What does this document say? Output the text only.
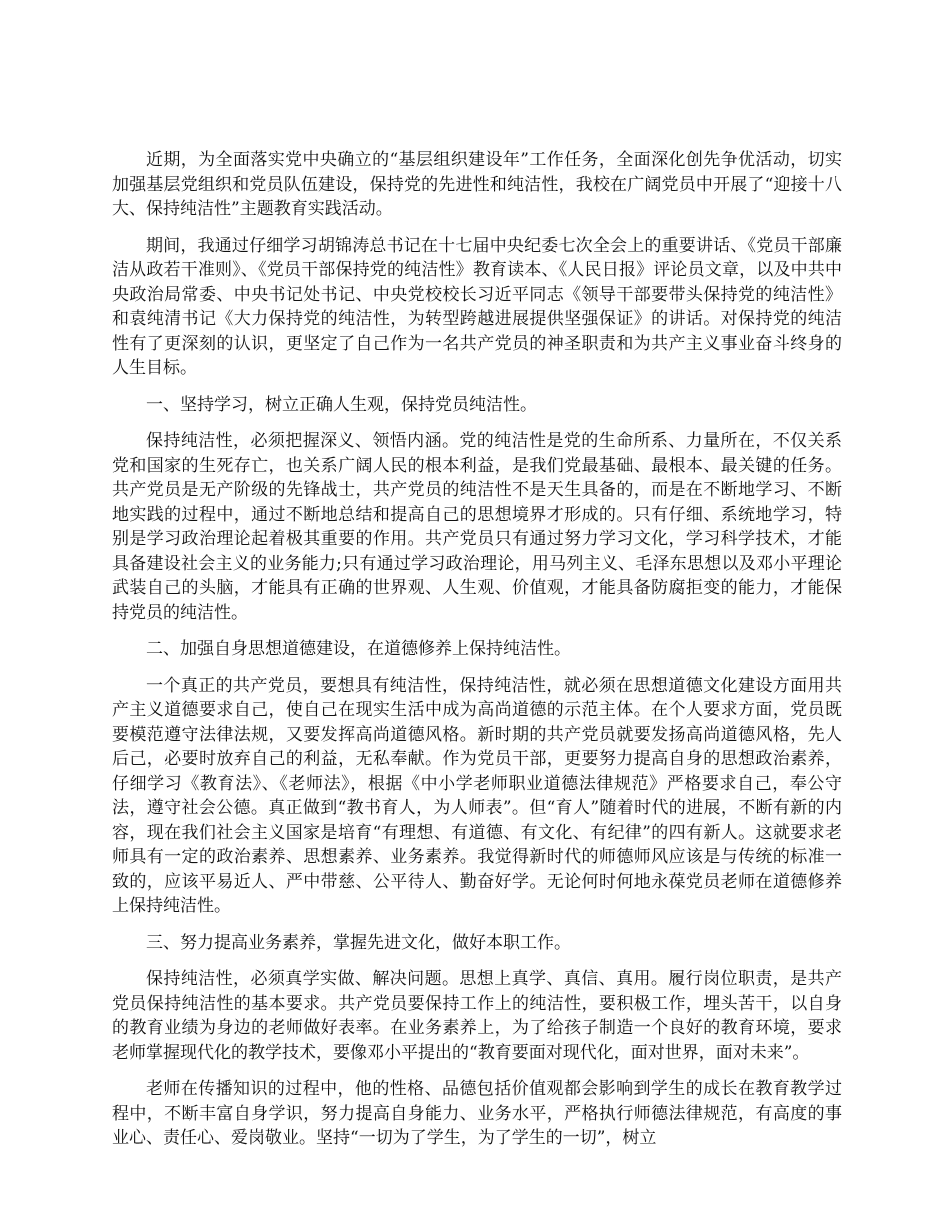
近期，为全面落实党中央确立的“基层组织建设年”工作任务，全面深化创先争优活动，切实加强基层党组织和党员队伍建设，保持党的先进性和纯洁性，我校在广阔党员中开展了“迎接十八大、保持纯洁性”主题教育实践活动。

期间，我通过仔细学习胡锦涛总书记在十七届中央纪委七次全会上的重要讲话、《党员干部廉洁从政若干准则》、《党员干部保持党的纯洁性》教育读本、《人民日报》评论员文章，以及中共中央政治局常委、中央书记处书记、中央党校校长习近平同志《领导干部要带头保持党的纯洁性》和袁纯清书记《大力保持党的纯洁性，为转型跨越进展提供坚强保证》的讲话。对保持党的纯洁性有了更深刻的认识，更坚定了自己作为一名共产党员的神圣职责和为共产主义事业奋斗终身的人生目标。

一、坚持学习，树立正确人生观，保持党员纯洁性。

保持纯洁性，必须把握深义、领悟内涵。党的纯洁性是党的生命所系、力量所在，不仅关系党和国家的生死存亡，也关系广阔人民的根本利益，是我们党最基础、最根本、最关键的任务。共产党员是无产阶级的先锋战士，共产党员的纯洁性不是天生具备的，而是在不断地学习、不断地实践的过程中，通过不断地总结和提高自己的思想境界才形成的。只有仔细、系统地学习，特别是学习政治理论起着极其重要的作用。共产党员只有通过努力学习文化，学习科学技术，才能具备建设社会主义的业务能力;只有通过学习政治理论，用马列主义、毛泽东思想以及邓小平理论武装自己的头脑，才能具有正确的世界观、人生观、价值观，才能具备防腐拒变的能力，才能保持党员的纯洁性。

二、加强自身思想道德建设，在道德修养上保持纯洁性。

一个真正的共产党员，要想具有纯洁性，保持纯洁性，就必须在思想道德文化建设方面用共产主义道德要求自己，使自己在现实生活中成为高尚道德的示范主体。在个人要求方面，党员既要模范遵守法律法规，又要发挥高尚道德风格。新时期的共产党员就要发扬高尚道德风格，先人后己，必要时放弃自己的利益，无私奉献。作为党员干部，更要努力提高自身的思想政治素养，仔细学习《教育法》、《老师法》，根据《中小学老师职业道德法律规范》严格要求自己，奉公守法，遵守社会公德。真正做到“教书育人，为人师表”。但“育人”随着时代的进展，不断有新的内容，现在我们社会主义国家是培育“有理想、有道德、有文化、有纪律”的四有新人。这就要求老师具有一定的政治素养、思想素养、业务素养。我觉得新时代的师德师风应该是与传统的标准一致的，应该平易近人、严中带慈、公平待人、勤奋好学。无论何时何地永葆党员老师在道德修养上保持纯洁性。

三、努力提高业务素养，掌握先进文化，做好本职工作。

保持纯洁性，必须真学实做、解决问题。思想上真学、真信、真用。履行岗位职责，是共产党员保持纯洁性的基本要求。共产党员要保持工作上的纯洁性，要积极工作，埋头苦干，以自身的教育业绩为身边的老师做好表率。在业务素养上，为了给孩子制造一个良好的教育环境，要求老师掌握现代化的教学技术，要像邓小平提出的“教育要面对现代化，面对世界，面对未来”。

老师在传播知识的过程中，他的性格、品德包括价值观都会影响到学生的成长在教育教学过程中，不断丰富自身学识，努力提高自身能力、业务水平，严格执行师德法律规范，有高度的事业心、责任心、爱岗敬业。坚持“一切为了学生，为了学生的一切”，树立
